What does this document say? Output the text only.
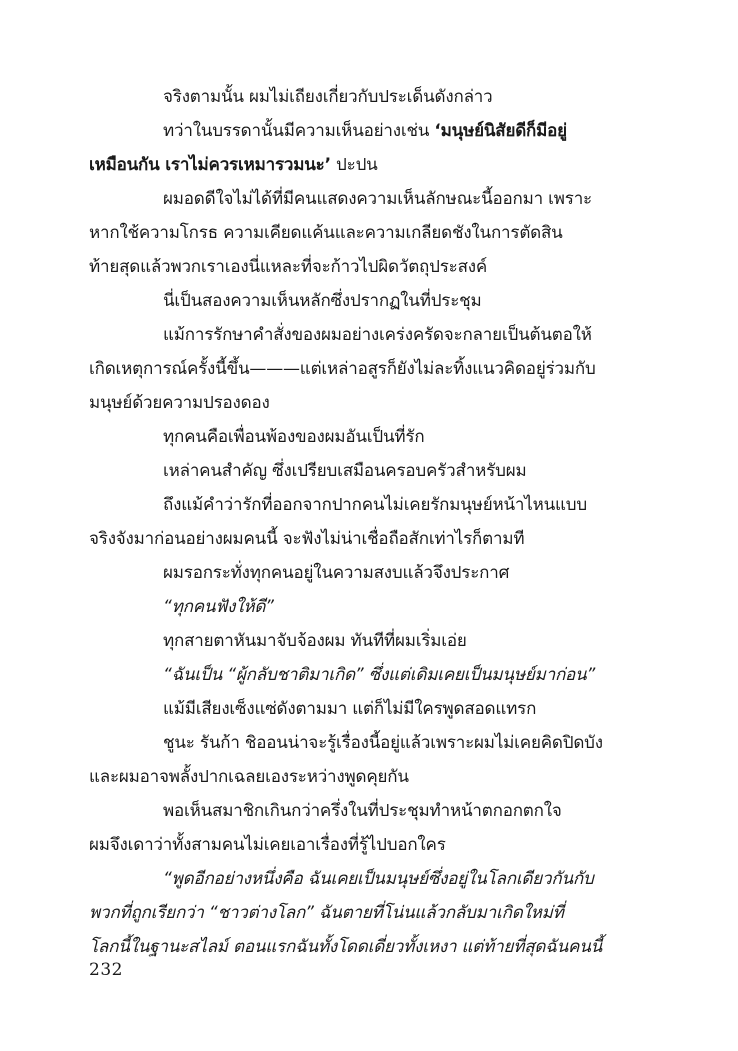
จริงตามนั้น ผมไม่เถียงเกี่ยวกับประเด็นดังกล่าว
ทว่าในบรรดานั้นมีความเห็นอย่างเช่น ‘มนุษย์นิสัยดีก็มีอยู่
เหมือนกัน เราไม่ควรเหมารวมนะ’ ปะปน
ผมอดดีใจไม่ได้ที่มีคนแสดงความเห็นลักษณะนี้ออกมา เพราะ
หากใช้ความโกรธ ความเคียดแค้นและความเกลียดชังในการตัดสิน
ท้ายสุดแล้วพวกเราเองนี่แหละที่จะก้าวไปผิดวัตถุประสงค์
นี่เป็นสองความเห็นหลักซึ่งปรากฏในที่ประชุม
แม้การรักษาคำสั่งของผมอย่างเคร่งครัดจะกลายเป็นต้นตอให้
เกิดเหตุการณ์ครั้งนี้ขึ้น———แต่เหล่าอสูรก็ยังไม่ละทิ้งแนวคิดอยู่ร่วมกับ
มนุษย์ด้วยความปรองดอง
ทุกคนคือเพื่อนพ้องของผมอันเป็นที่รัก
เหล่าคนสำคัญ ซึ่งเปรียบเสมือนครอบครัวสำหรับผม
ถึงแม้คำว่ารักที่ออกจากปากคนไม่เคยรักมนุษย์หน้าไหนแบบ
จริงจังมาก่อนอย่างผมคนนี้ จะฟังไม่น่าเชื่อถือสักเท่าไรก็ตามที
ผมรอกระทั่งทุกคนอยู่ในความสงบแล้วจึงประกาศ
“ทุกคนฟังให้ดี”
ทุกสายตาหันมาจับจ้องผม ทันทีที่ผมเริ่มเอ่ย
“ฉันเป็น “ผู้กลับชาติมาเกิด” ซึ่งแต่เดิมเคยเป็นมนุษย์มาก่อน”
แม้มีเสียงเซ็งแซ่ดังตามมา แต่ก็ไม่มีใครพูดสอดแทรก
ชูนะ รันก้า ชิออนน่าจะรู้เรื่องนี้อยู่แล้วเพราะผมไม่เคยคิดปิดบัง
และผมอาจพลั้งปากเฉลยเองระหว่างพูดคุยกัน
พอเห็นสมาชิกเกินกว่าครึ่งในที่ประชุมทำหน้าตกอกตกใจ
ผมจึงเดาว่าทั้งสามคนไม่เคยเอาเรื่องที่รู้ไปบอกใคร
“พูดอีกอย่างหนึ่งคือ ฉันเคยเป็นมนุษย์ซึ่งอยู่ในโลกเดียวกันกับ
พวกที่ถูกเรียกว่า “ชาวต่างโลก” ฉันตายที่โน่นแล้วกลับมาเกิดใหม่ที่
โลกนี้ในฐานะสไลม์ ตอนแรกฉันทั้งโดดเดี่ยวทั้งเหงา แต่ท้ายที่สุดฉันคนนี้
232
